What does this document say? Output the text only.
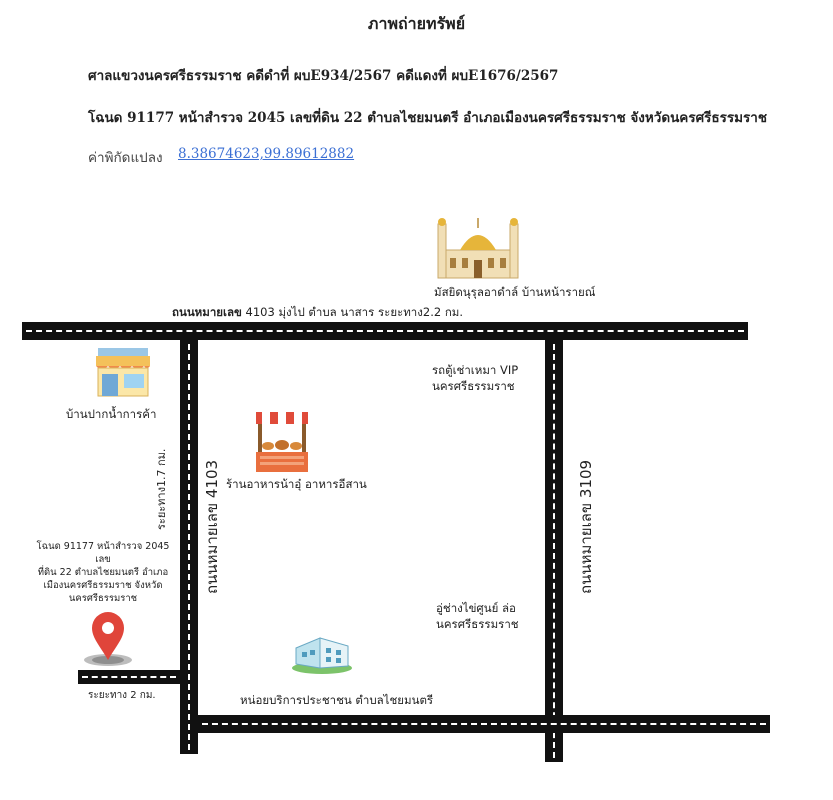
ภาพถ่ายทรัพย์
ศาลแขวงนครศรีธรรมราช คดีดำที่ ผบE934/2567 คดีแดงที่ ผบE1676/2567
โฉนด 91177 หน้าสำรวจ 2045 เลขที่ดิน 22 ตำบลไชยมนตรี อำเภอเมืองนครศรีธรรมราช จังหวัดนครศรีธรรมราช
ค่าพิกัดแปลง 8.38674623,99.89612882
ถนนหมายเลข 4103 มุ่งไป ตำบล นาสาร ระยะทาง2.2 กม.
มัสยิดนุรุลอาดำล์ บ้านหน้ารายณ์
บ้านปากน้ำการค้า
รถตู้เช่าเหมา VIP
นครศรีธรรมราช
ร้านอาหารน้าอุ๋ อาหารอีสาน
ระยะทาง1.7 กม. ถนนหมายเลข 4103	ถนนหมายเลข 3109
โฉนด 91177 หน้าสำรวจ 2045 เลข
ที่ดิน 22 ตำบลไชยมนตรี อำเภอ
เมืองนครศรีธรรมราช จังหวัด
นครศรีธรรมราช
อู่ช่างไข่ศูนย์ ล่อ
นครศรีธรรมราช
ระยะทาง 2 กม.	หน่อยบริการประชาชน ตำบลไชยมนตรี
